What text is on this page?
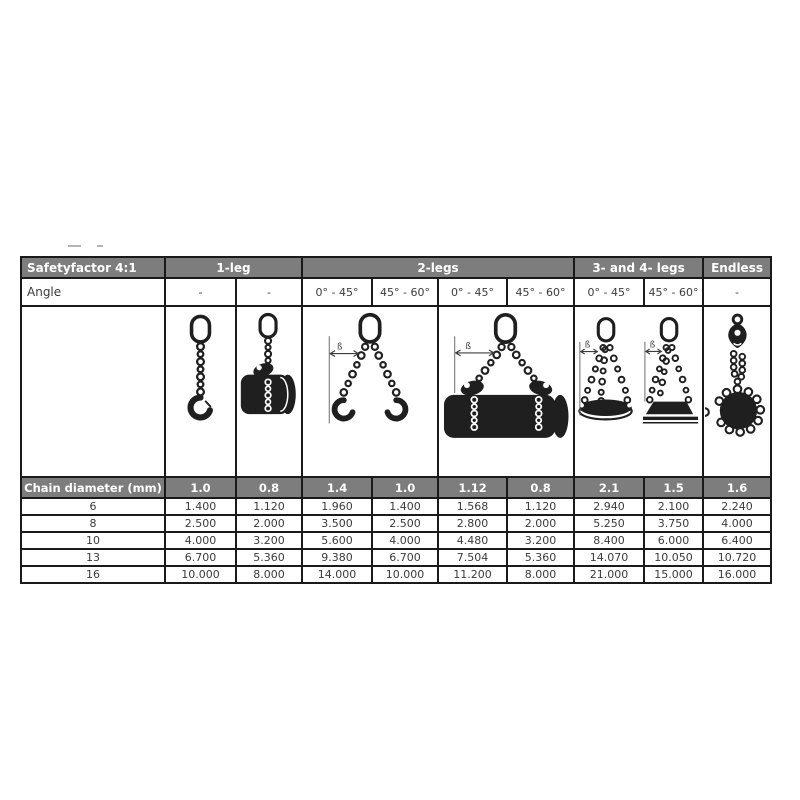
Safetyfactor 4:1	1-leg		2-legs				3- and 4- legs		Endless
Angle	-	-	0° - 45°	45° - 60°	0° - 45°	45° - 60°	0° - 45°	45° - 60°	-

ß		ß		ß ß

Chain diameter (mm)	1.0	0.8	1.4	1.0	1.12	0.8	2.1	1.5	1.6
6	1.400	1.120	1.960	1.400	1.568	1.120	2.940	2.100	2.240
8	2.500	2.000	3.500	2.500	2.800	2.000	5.250	3.750	4.000
10	4.000	3.200	5.600	4.000	4.480	3.200	8.400	6.000	6.400
13	6.700	5.360	9.380	6.700	7.504	5.360	14.070	10.050	10.720
16	10.000	8.000	14.000	10.000	11.200	8.000	21.000	15.000	16.000
